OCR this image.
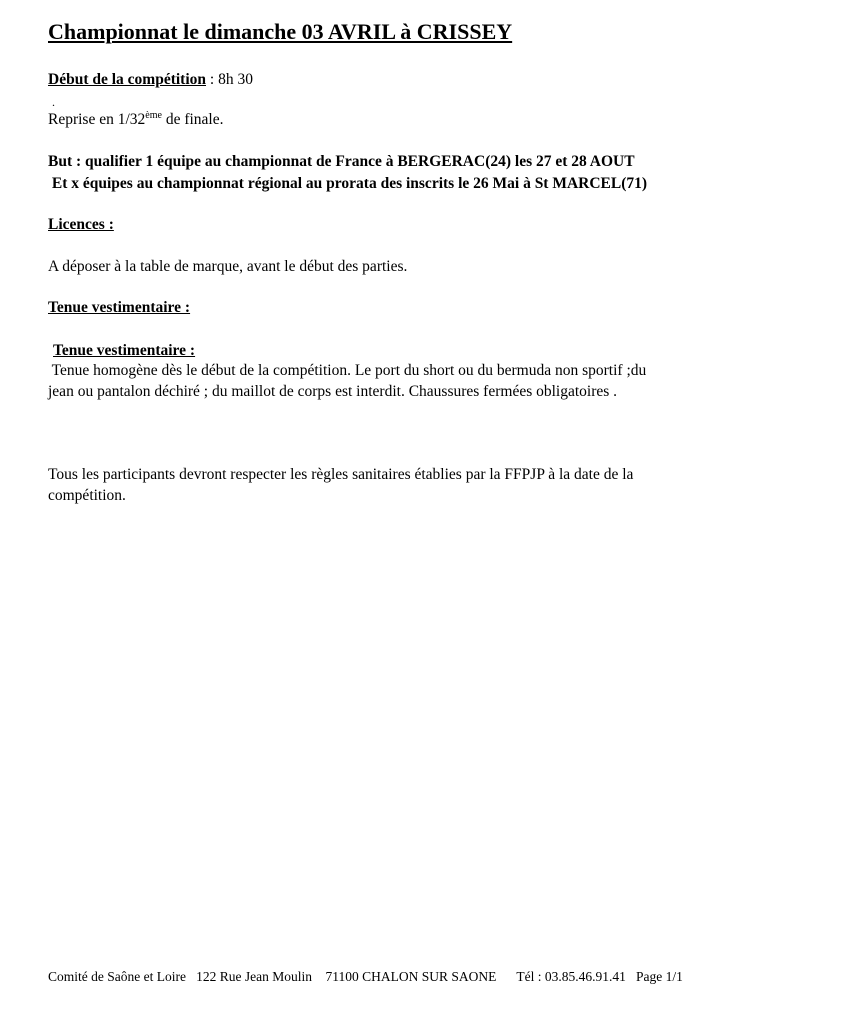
Championnat le dimanche 03 AVRIL à CRISSEY
Début de la compétition : 8h 30
.
Reprise en 1/32ème de finale.
But : qualifier 1 équipe au championnat de France à BERGERAC(24) les 27 et 28 AOUT
Et x équipes au championnat régional au prorata des inscrits le 26 Mai à St MARCEL(71)
Licences :
A déposer à la table de marque, avant le début des parties.
Tenue vestimentaire :
Tenue vestimentaire :
Tenue homogène dès le début de la compétition. Le port du short ou du bermuda non sportif ;du
jean ou pantalon déchiré ; du maillot de corps est interdit. Chaussures fermées obligatoires .
Tous les participants devront respecter les règles sanitaires établies par la FFPJP à la date de la
compétition.
Comité de Saône et Loire   122 Rue Jean Moulin    71100 CHALON SUR SAONE      Tél : 03.85.46.91.41   Page 1/1
